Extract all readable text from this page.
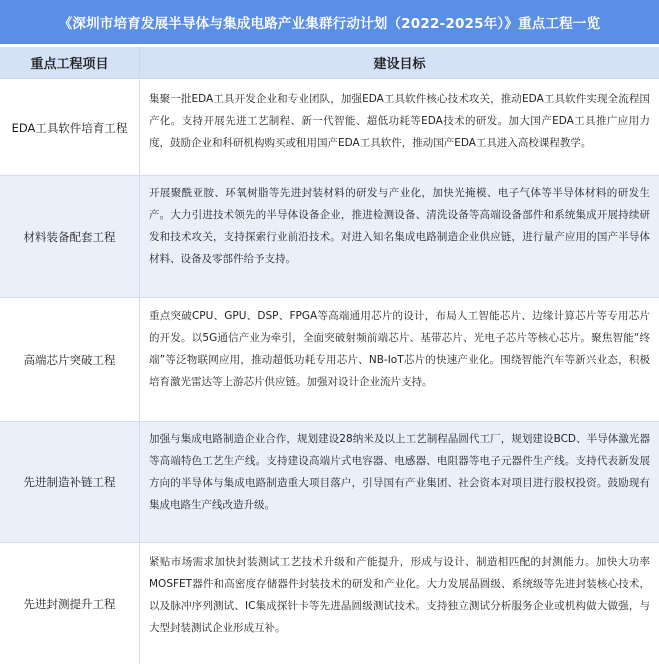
《深圳市培育发展半导体与集成电路产业集群行动计划（2022-2025年）》重点工程一览
重点工程项目	建设目标
EDA工具软件培育工程
集聚一批EDA工具开发企业和专业团队，加强EDA工具软件核心技术攻关，推动EDA工具软件实现全流程国产化。支持开展先进工艺制程、新一代智能、超低功耗等EDA技术的研发。加大国产EDA工具推广应用力度，鼓励企业和科研机构购买或租用国产EDA工具软件，推动国产EDA工具进入高校课程教学。
材料装备配套工程
开展聚酰亚胺、环氧树脂等先进封装材料的研发与产业化，加快光掩模、电子气体等半导体材料的研发生产。大力引进技术领先的半导体设备企业，推进检测设备、清洗设备等高端设备部件和系统集成开展持续研发和技术攻关，支持探索行业前沿技术。对进入知名集成电路制造企业供应链，进行量产应用的国产半导体材料、设备及零部件给予支持。
高端芯片突破工程
重点突破CPU、GPU、DSP、FPGA等高端通用芯片的设计，布局人工智能芯片、边缘计算芯片等专用芯片的开发。以5G通信产业为牵引，全面突破射频前端芯片、基带芯片、光电子芯片等核心芯片。聚焦智能“终端”等泛物联网应用，推动超低功耗专用芯片、NB-IoT芯片的快速产业化。围绕智能汽车等新兴业态，积极培育激光雷达等上游芯片供应链。加强对设计企业流片支持。
先进制造补链工程
加强与集成电路制造企业合作，规划建设28纳米及以上工艺制程晶圆代工厂，规划建设BCD、半导体激光器等高端特色工艺生产线。支持建设高端片式电容器、电感器、电阻器等电子元器件生产线。支持代表新发展方向的半导体与集成电路制造重大项目落户，引导国有产业集团、社会资本对项目进行股权投资。鼓励现有集成电路生产线改造升级。
先进封测提升工程
紧贴市场需求加快封装测试工艺技术升级和产能提升，形成与设计、制造相匹配的封测能力。加快大功率MOSFET器件和高密度存储器件封装技术的研发和产业化。大力发展晶圆级、系统级等先进封装核心技术，以及脉冲序列测试、IC集成探针卡等先进晶圆级测试技术。支持独立测试分析服务企业或机构做大做强，与大型封装测试企业形成互补。
